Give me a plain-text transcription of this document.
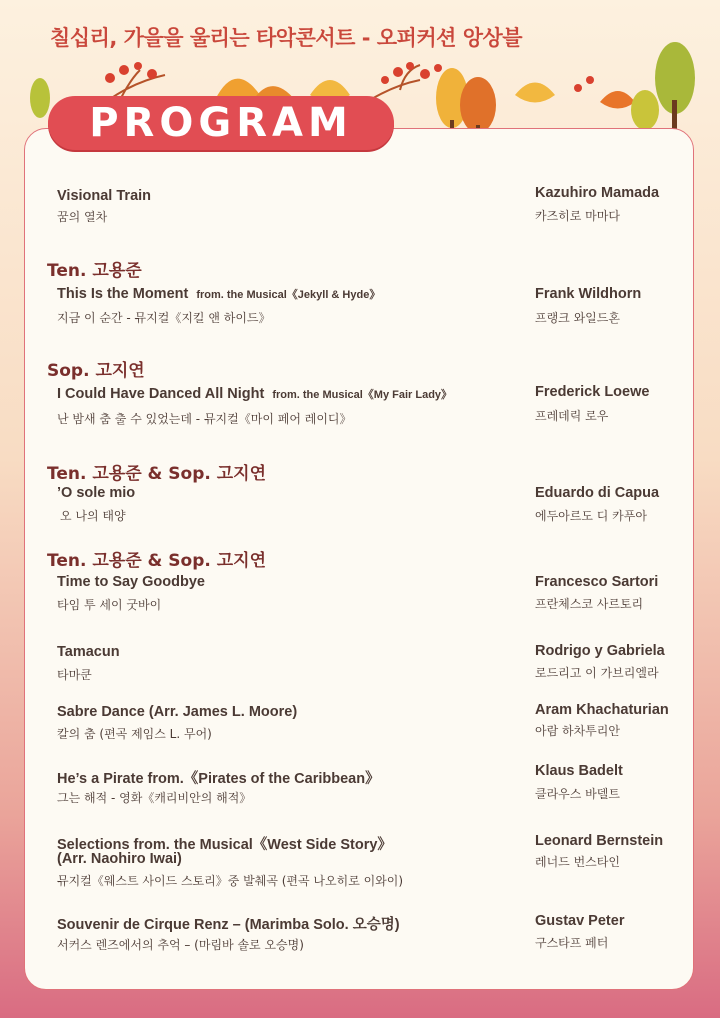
칠십리, 가을을 울리는 타악콘서트 - 오퍼커션 앙상블
PROGRAM
Visional Train
꿈의 열차
Kazuhiro Mamada
카즈히로 마마다
Ten. 고용준
This Is the Moment from. the Musical《Jekyll & Hyde》
지금 이 순간 - 뮤지컬《지킬 앤 하이드》
Frank Wildhorn
프랭크 와일드혼
Sop. 고지연
I Could Have Danced All Night from. the Musical《My Fair Lady》
난 밤새 춤 출 수 있었는데 - 뮤지컬《마이 페어 레이디》
Frederick Loewe
프레데릭 로우
Ten. 고용준 & Sop. 고지연
’O sole mio
오 나의 태양
Eduardo di Capua
에두아르도 디 카푸아
Ten. 고용준 & Sop. 고지연
Time to Say Goodbye
타임 투 세이 굿바이
Francesco Sartori
프란체스코 사르토리
Tamacun
타마쿤
Rodrigo y Gabriela
로드리고 이 가브리엘라
Sabre Dance (Arr. James L. Moore)
칼의 춤 (편곡 제임스 L. 무어)
Aram Khachaturian
아람 하차투리안
He’s a Pirate from.《Pirates of the Caribbean》
그는 해적 - 영화《캐리비안의 해적》
Klaus Badelt
클라우스 바델트
Selections from. the Musical《West Side Story》
(Arr. Naohiro Iwai)
뮤지컬《웨스트 사이드 스토리》중 발췌곡 (편곡 나오히로 이와이)
Leonard Bernstein
레너드 번스타인
Souvenir de Cirque Renz – (Marimba Solo. 오승명)
서커스 렌즈에서의 추억 – (마림바 솔로 오승명)
Gustav Peter
구스타프 페터
